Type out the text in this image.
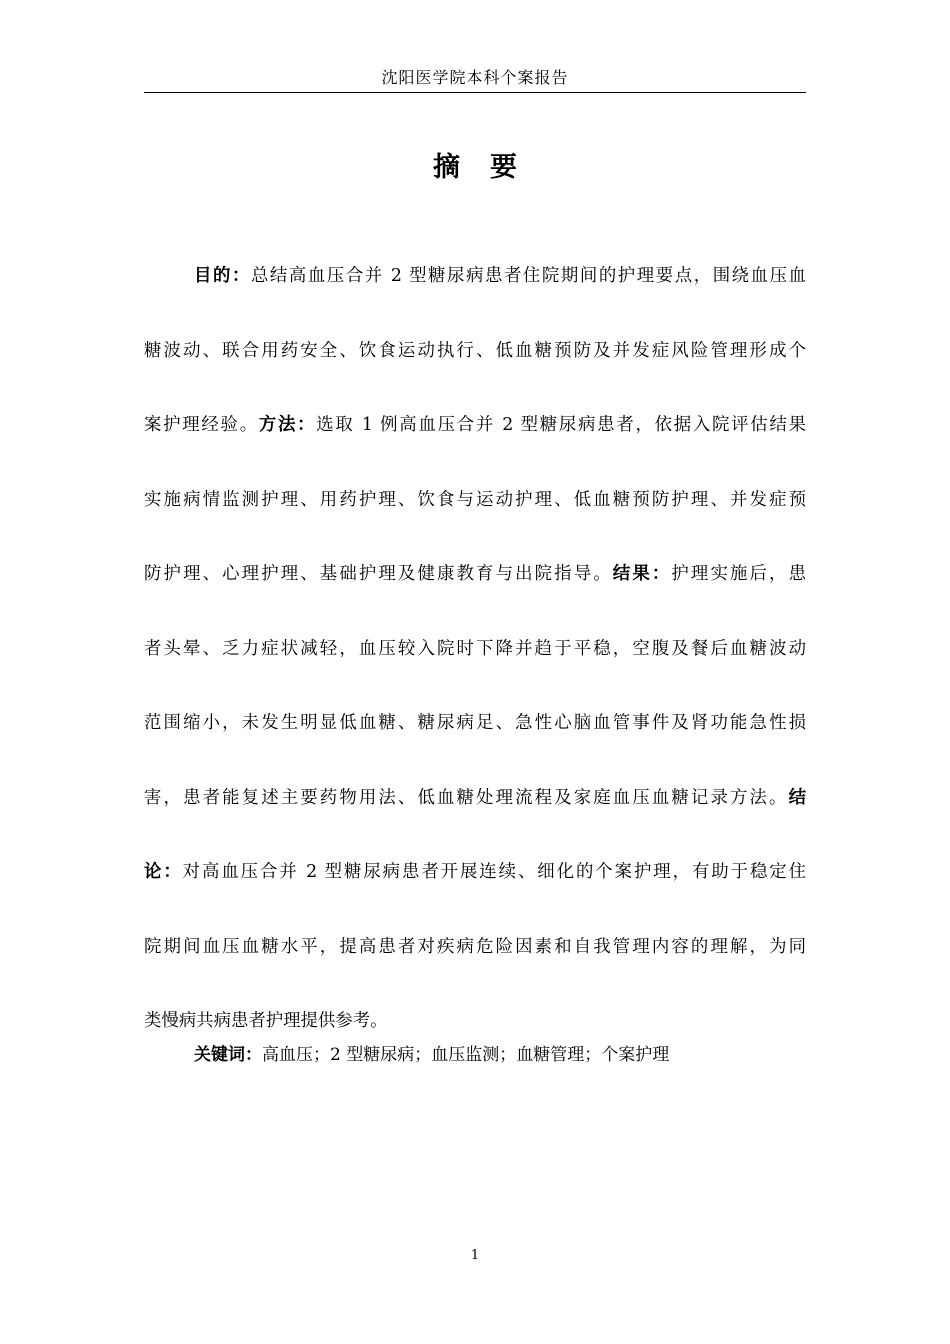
沈阳医学院本科个案报告
摘 要
目的：总结高血压合并 2 型糖尿病患者住院期间的护理要点，围绕血压血
糖波动、联合用药安全、饮食运动执行、低血糖预防及并发症风险管理形成个
案护理经验。方法：选取 1 例高血压合并 2 型糖尿病患者，依据入院评估结果
实施病情监测护理、用药护理、饮食与运动护理、低血糖预防护理、并发症预
防护理、心理护理、基础护理及健康教育与出院指导。结果：护理实施后，患
者头晕、乏力症状减轻，血压较入院时下降并趋于平稳，空腹及餐后血糖波动
范围缩小，未发生明显低血糖、糖尿病足、急性心脑血管事件及肾功能急性损
害，患者能复述主要药物用法、低血糖处理流程及家庭血压血糖记录方法。结
论：对高血压合并 2 型糖尿病患者开展连续、细化的个案护理，有助于稳定住
院期间血压血糖水平，提高患者对疾病危险因素和自我管理内容的理解，为同
类慢病共病患者护理提供参考。
关键词：高血压；2 型糖尿病；血压监测；血糖管理；个案护理
1
